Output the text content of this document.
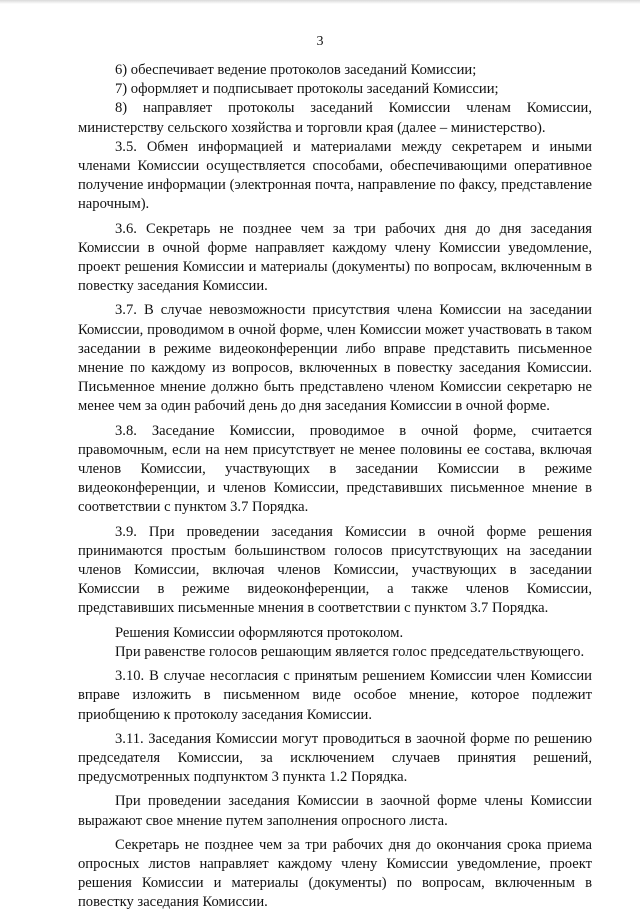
3

6) обеспечивает ведение протоколов заседаний Комиссии;

7) оформляет и подписывает протоколы заседаний Комиссии;

8) направляет протоколы заседаний Комиссии членам Комиссии, министерству сельского хозяйства и торговли края (далее – министерство).

3.5. Обмен информацией и материалами между секретарем и иными членами Комиссии осуществляется способами, обеспечивающими оперативное получение информации (электронная почта, направление по факсу, представление нарочным).

3.6. Секретарь не позднее чем за три рабочих дня до дня заседания Комиссии в очной форме направляет каждому члену Комиссии уведомление, проект решения Комиссии и материалы (документы) по вопросам, включенным в повестку заседания Комиссии.

3.7. В случае невозможности присутствия члена Комиссии на заседании Комиссии, проводимом в очной форме, член Комиссии может участвовать в таком заседании в режиме видеоконференции либо вправе представить письменное мнение по каждому из вопросов, включенных в повестку заседания Комиссии. Письменное мнение должно быть представлено членом Комиссии секретарю не менее чем за один рабочий день до дня заседания Комиссии в очной форме.

3.8. Заседание Комиссии, проводимое в очной форме, считается правомочным, если на нем присутствует не менее половины ее состава, включая членов Комиссии, участвующих в заседании Комиссии в режиме видеоконференции, и членов Комиссии, представивших письменное мнение в соответствии с пунктом 3.7 Порядка.

3.9. При проведении заседания Комиссии в очной форме решения принимаются простым большинством голосов присутствующих на заседании членов Комиссии, включая членов Комиссии, участвующих в заседании Комиссии в режиме видеоконференции, а также членов Комиссии, представивших письменные мнения в соответствии с пунктом 3.7 Порядка.

Решения Комиссии оформляются протоколом.

При равенстве голосов решающим является голос председательствующего.

3.10. В случае несогласия с принятым решением Комиссии член Комиссии вправе изложить в письменном виде особое мнение, которое подлежит приобщению к протоколу заседания Комиссии.

3.11. Заседания Комиссии могут проводиться в заочной форме по решению председателя Комиссии, за исключением случаев принятия решений, предусмотренных подпунктом 3 пункта 1.2 Порядка.

При проведении заседания Комиссии в заочной форме члены Комиссии выражают свое мнение путем заполнения опросного листа.

Секретарь не позднее чем за три рабочих дня до окончания срока приема опросных листов направляет каждому члену Комиссии уведомление, проект решения Комиссии и материалы (документы) по вопросам, включенным в повестку заседания Комиссии.
